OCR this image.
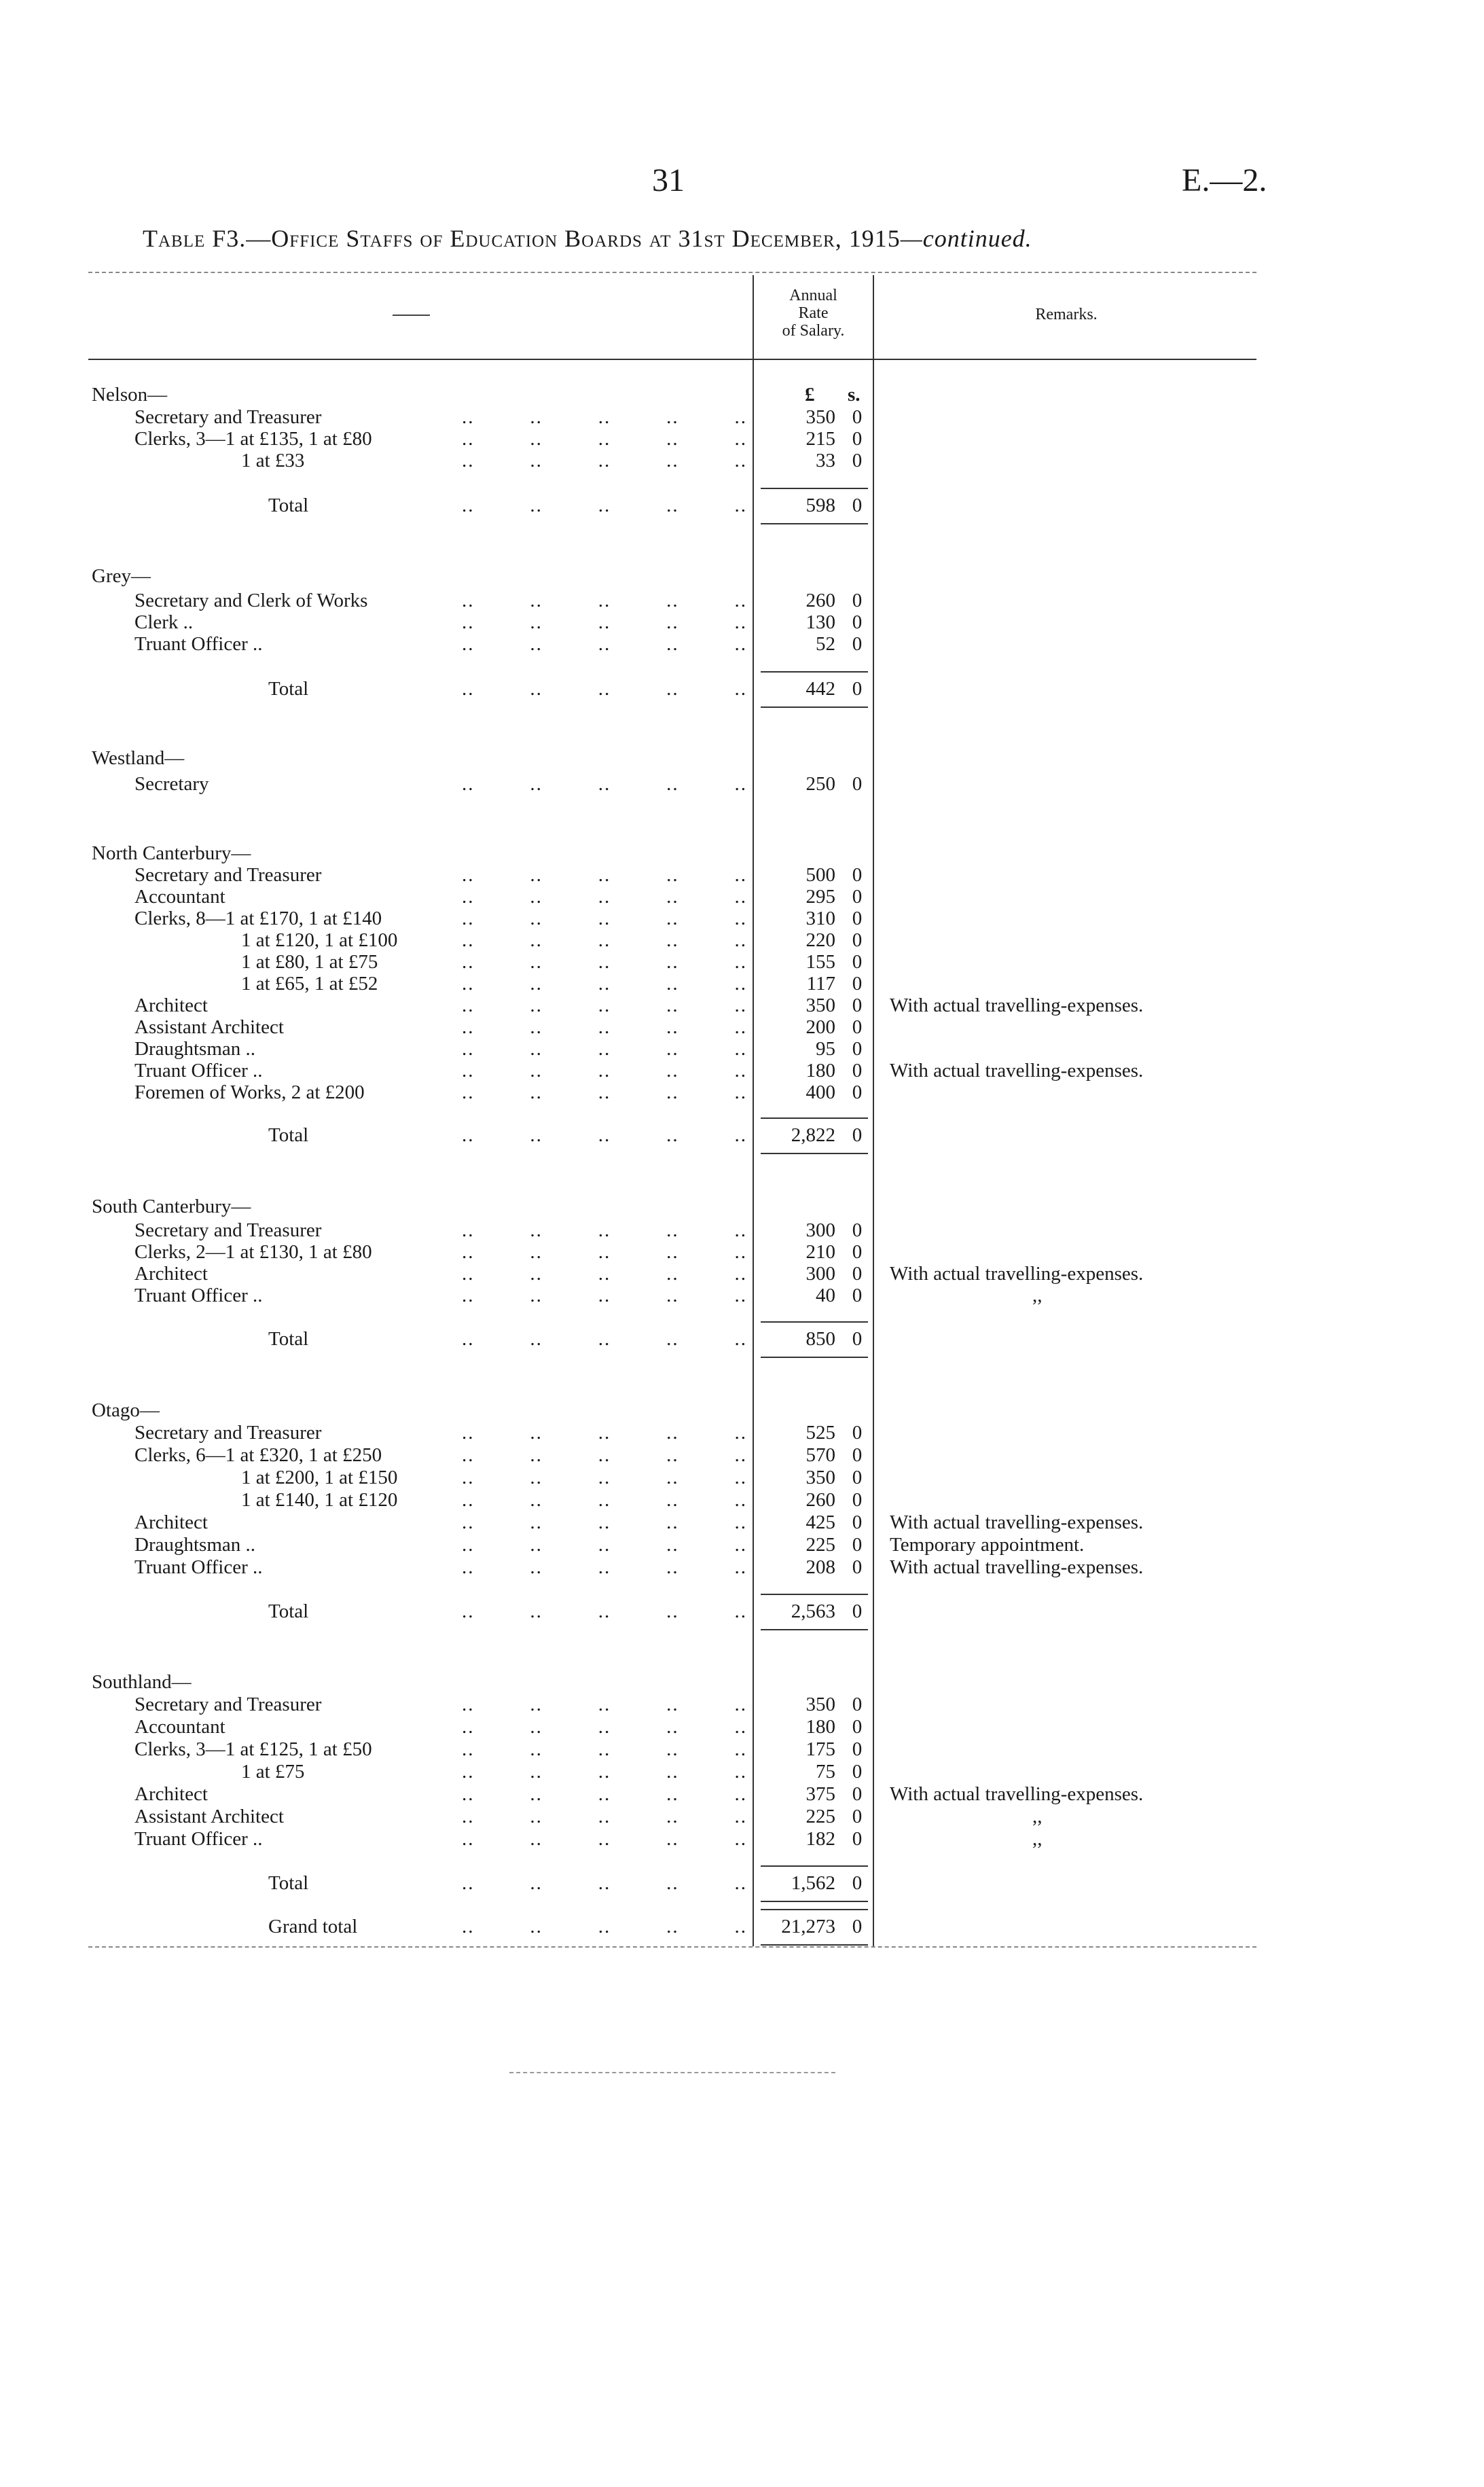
31	E.—2.
Table F3.—Office Staffs of Education Boards at 31st December, 1915—continued.
Annual
Rate
of Salary.
Remarks.
£ s.
Nelson—
Secretary and Treasurer	..	..	..	..	..	350 0
Clerks, 3—1 at £135, 1 at £80	..	..	..	..	..	215 0
1 at £33	..	..	..	..	..	33 0
Total	..	..	..	..	..	598 0
Grey—
Secretary and Clerk of Works	..	..	..	..	..	260 0
Clerk ..	..	..	..	..	..	130 0
Truant Officer ..	..	..	..	..	..	52 0
Total	..	..	..	..	..	442 0
Westland—
Secretary	..	..	..	..	..	250 0
North Canterbury—
Secretary and Treasurer	..	..	..	..	..	500 0
Accountant	..	..	..	..	..	295 0
Clerks, 8—1 at £170, 1 at £140	..	..	..	..	..	310 0
1 at £120, 1 at £100	..	..	..	..	..	220 0
1 at £80, 1 at £75	..	..	..	..	..	155 0
1 at £65, 1 at £52	..	..	..	..	..	117 0
Architect	..	..	..	..	..	350 0 With actual travelling-expenses.
Assistant Architect	..	..	..	..	..	200 0
Draughtsman ..	..	..	..	..	..	95 0
Truant Officer ..	..	..	..	..	..	180 0 With actual travelling-expenses.
Foremen of Works, 2 at £200	..	..	..	..	..	400 0
Total	..	..	..	..	..	2,822 0
South Canterbury—
Secretary and Treasurer	..	..	..	..	..	300 0
Clerks, 2—1 at £130, 1 at £80	..	..	..	..	..	210 0
Architect	..	..	..	..	..	300 0 With actual travelling-expenses.
Truant Officer ..	..	..	..	..	..	40 0	,,
Total	..	..	..	..	..	850 0
Otago—
Secretary and Treasurer	..	..	..	..	..	525 0
Clerks, 6—1 at £320, 1 at £250	..	..	..	..	..	570 0
1 at £200, 1 at £150	..	..	..	..	..	350 0
1 at £140, 1 at £120	..	..	..	..	..	260 0
Architect	..	..	..	..	..	425 0 With actual travelling-expenses.
Draughtsman ..	..	..	..	..	..	225 0 Temporary appointment.
Truant Officer ..	..	..	..	..	..	208 0 With actual travelling-expenses.
Total	..	..	..	..	..	2,563 0
Southland—
Secretary and Treasurer	..	..	..	..	..	350 0
Accountant	..	..	..	..	..	180 0
Clerks, 3—1 at £125, 1 at £50	..	..	..	..	..	175 0
1 at £75	..	..	..	..	..	75 0
Architect	..	..	..	..	..	375 0 With actual travelling-expenses.
Assistant Architect	..	..	..	..	..	225 0	,,
Truant Officer ..	..	..	..	..	..	182 0	,,
Total	..	..	..	..	..	1,562 0
Grand total	..	..	..	..	..	21,273 0
